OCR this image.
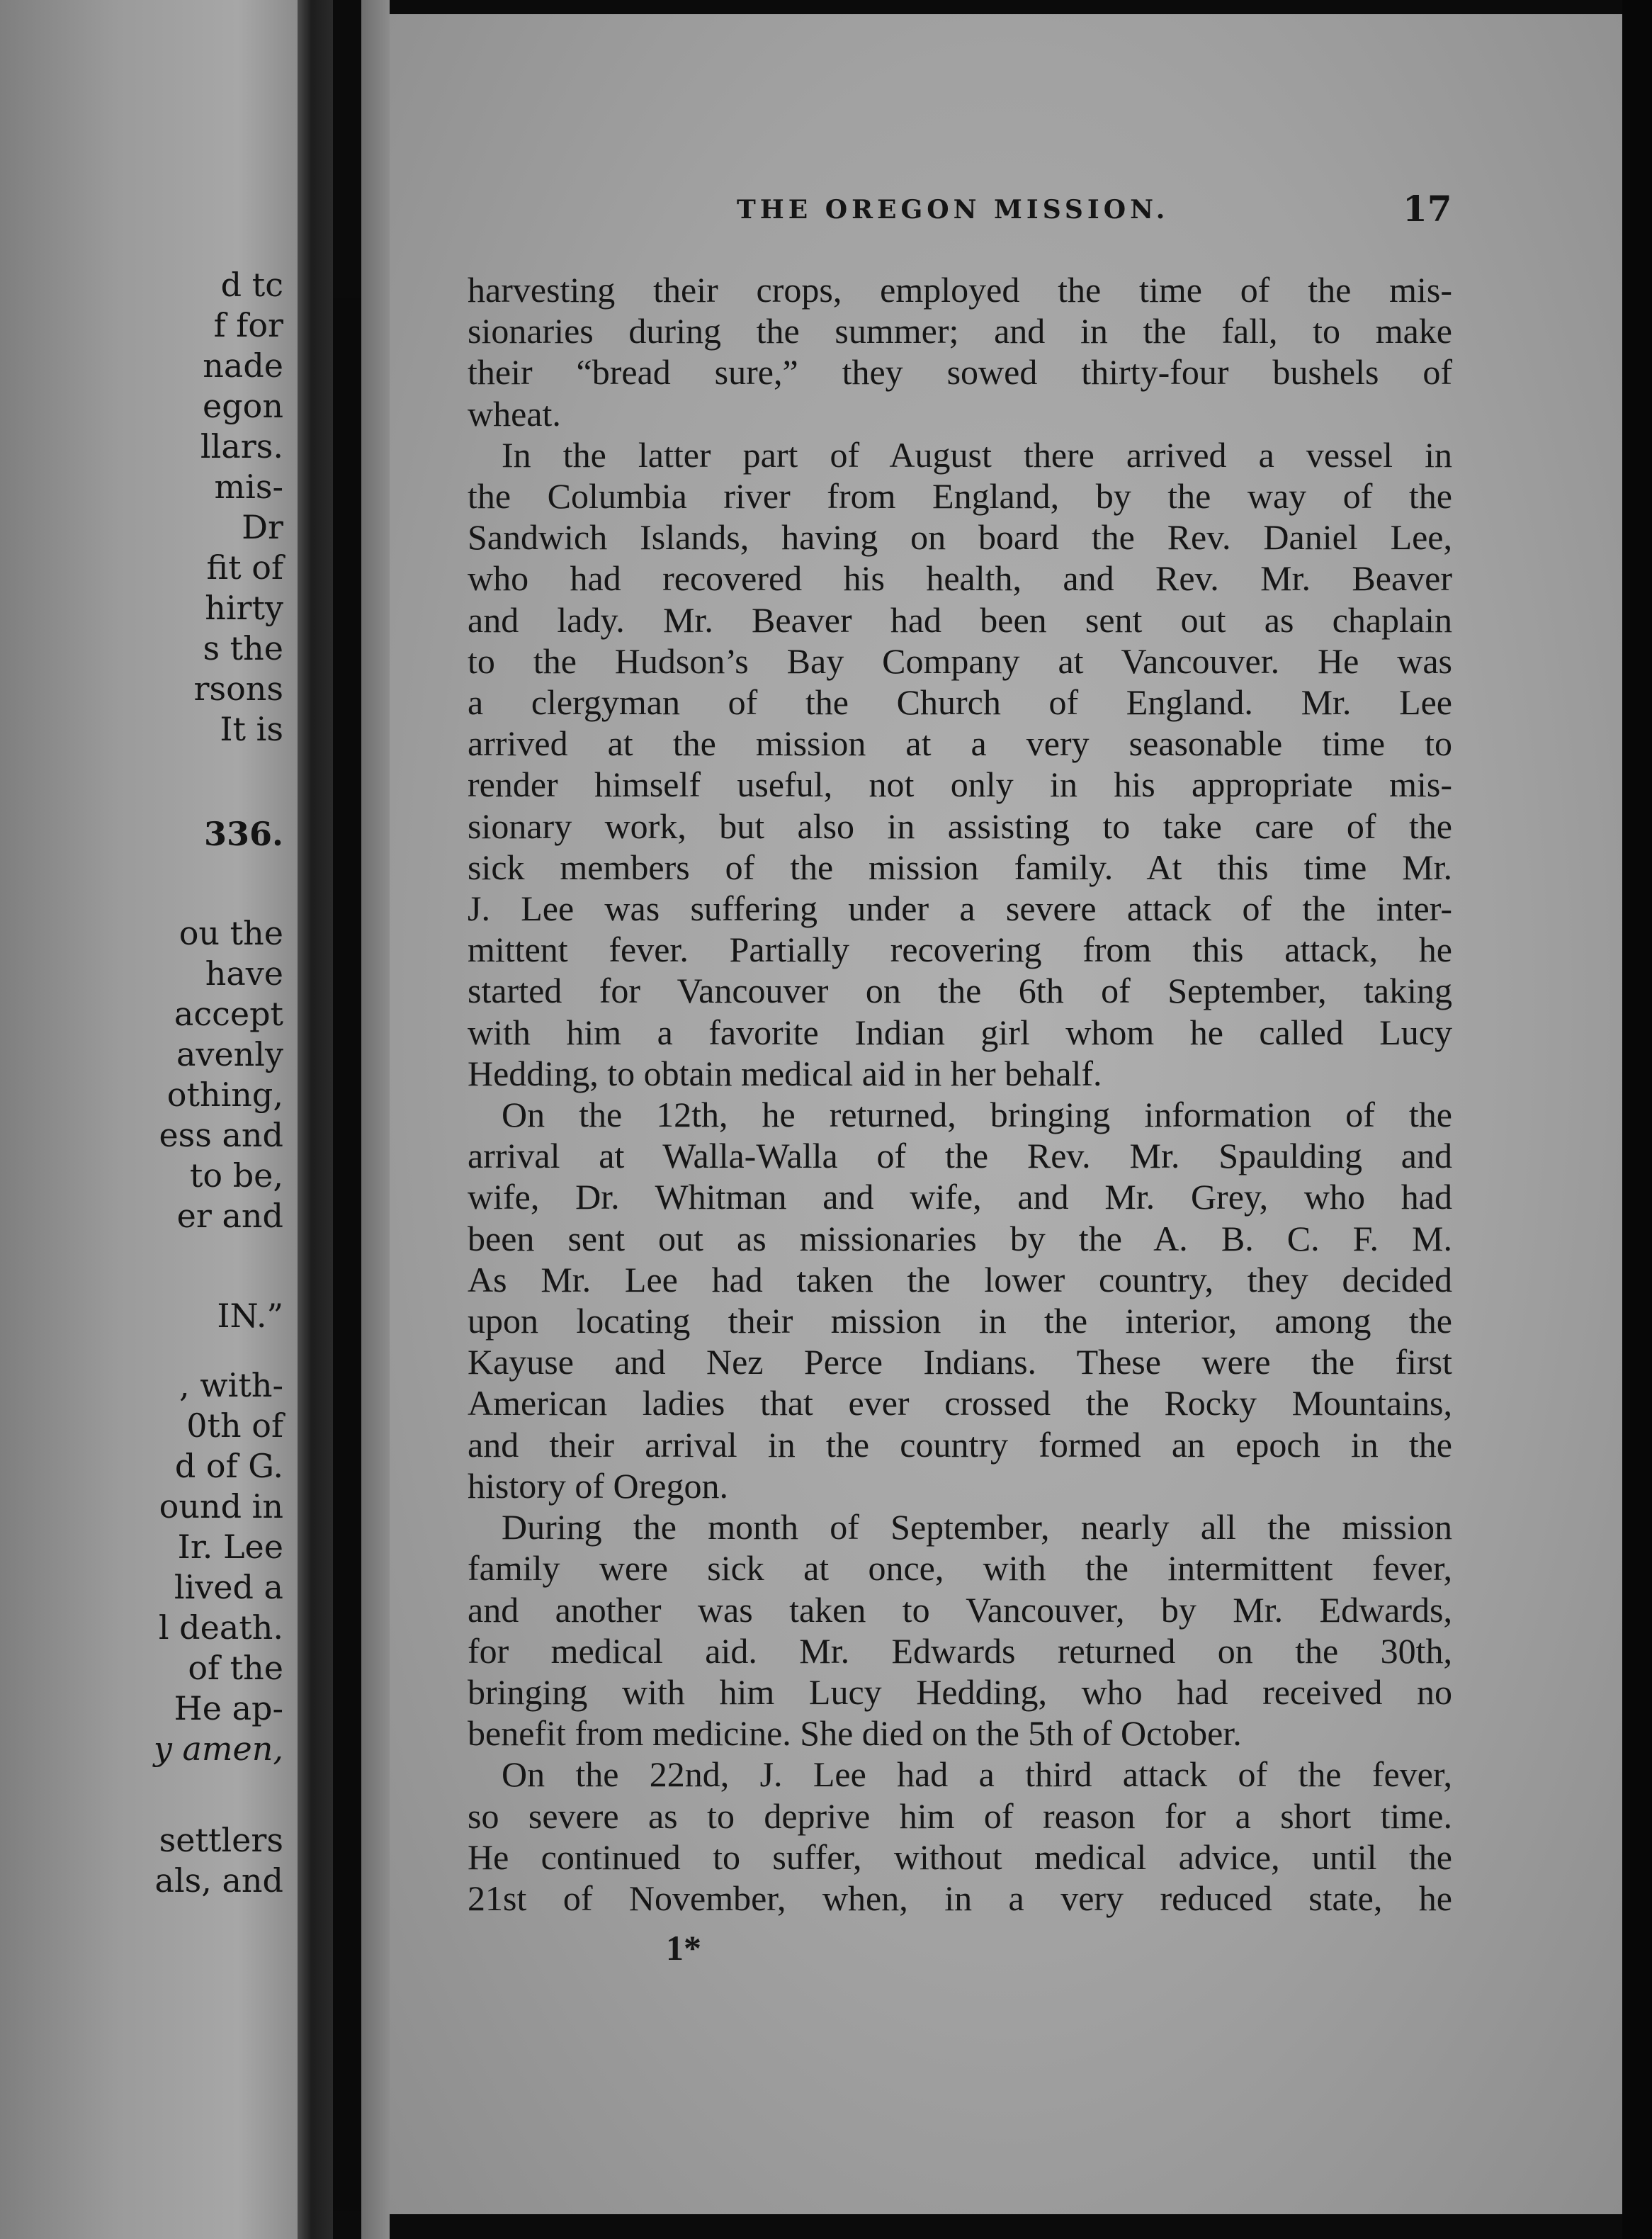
d tc

f for

nade

egon

llars.

mis-

Dr

fit of

hirty

s the

rsons

It is

336.

ou the

have

accept

avenly

othing,

ess and

to be,

er and

IN.”

, with-

0th of

d of G.

ound in

Ir. Lee

lived a

l death.

of the

He ap-

y amen,

settlers

als, and

THE OREGON MISSION.	17

harvesting their crops, employed the time of the mis-
sionaries during the summer; and in the fall, to make
their “bread sure,” they sowed thirty-four bushels of
wheat.
In the latter part of August there arrived a vessel in
the Columbia river from England, by the way of the
Sandwich Islands, having on board the Rev. Daniel Lee,
who had recovered his health, and Rev. Mr. Beaver
and lady. Mr. Beaver had been sent out as chaplain
to the Hudson’s Bay Company at Vancouver. He was
a clergyman of the Church of England. Mr. Lee
arrived at the mission at a very seasonable time to
render himself useful, not only in his appropriate mis-
sionary work, but also in assisting to take care of the
sick members of the mission family. At this time Mr.
J. Lee was suffering under a severe attack of the inter-
mittent fever. Partially recovering from this attack, he
started for Vancouver on the 6th of September, taking
with him a favorite Indian girl whom he called Lucy
Hedding, to obtain medical aid in her behalf.
On the 12th, he returned, bringing information of the
arrival at Walla-Walla of the Rev. Mr. Spaulding and
wife, Dr. Whitman and wife, and Mr. Grey, who had
been sent out as missionaries by the A. B. C. F. M.
As Mr. Lee had taken the lower country, they decided
upon locating their mission in the interior, among the
Kayuse and Nez Perce Indians. These were the first
American ladies that ever crossed the Rocky Mountains,
and their arrival in the country formed an epoch in the
history of Oregon.
During the month of September, nearly all the mission
family were sick at once, with the intermittent fever,
and another was taken to Vancouver, by Mr. Edwards,
for medical aid. Mr. Edwards returned on the 30th,
bringing with him Lucy Hedding, who had received no
benefit from medicine. She died on the 5th of October.
On the 22nd, J. Lee had a third attack of the fever,
so severe as to deprive him of reason for a short time.
He continued to suffer, without medical advice, until the
21st of November, when, in a very reduced state, he

1*
